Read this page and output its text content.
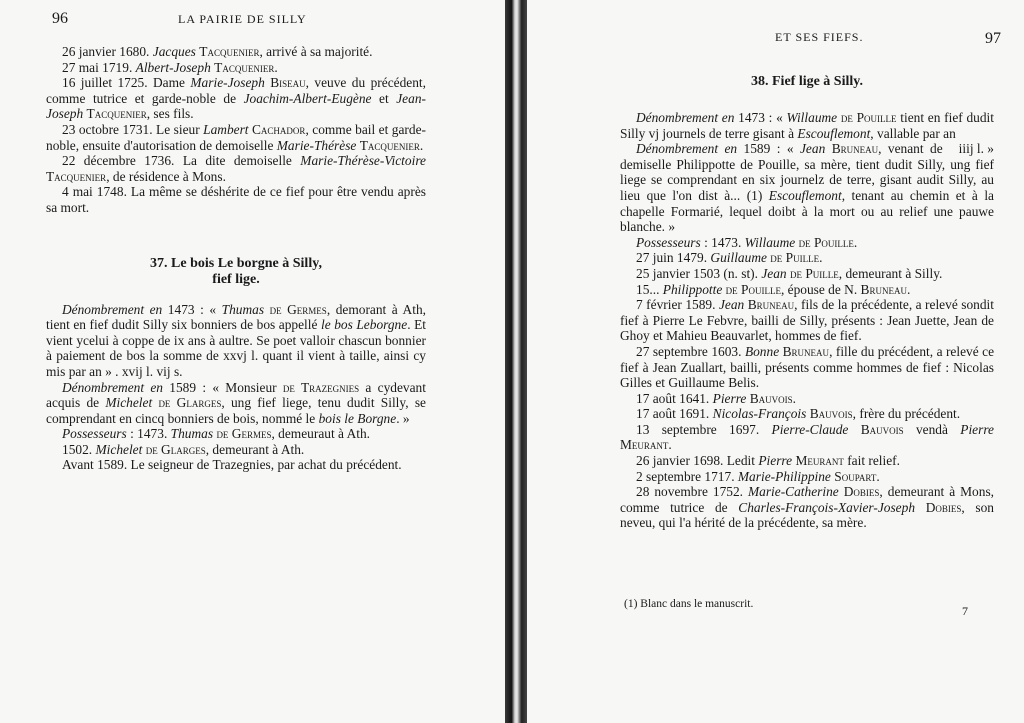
96	LA PAIRIE DE SILLY

26 janvier 1680. Jacques Tacquenier, arrivé à sa majorité.

27 mai 1719. Albert-Joseph Tacquenier.

16 juillet 1725. Dame Marie-Joseph Biseau, veuve du précédent, comme tutrice et garde-noble de Joachim-Albert-Eugène et Jean-Joseph Tacquenier, ses fils.

23 octobre 1731. Le sieur Lambert Cachador, comme bail et garde-noble, ensuite d'autorisation de demoiselle Marie-Thérèse Tacquenier.

22 décembre 1736. La dite demoiselle Marie-Thérèse-Victoire Tacquenier, de résidence à Mons.

4 mai 1748. La même se déshérite de ce fief pour être vendu après sa mort.

37. Le bois Le borgne à Silly,
fief lige.

Dénombrement en 1473 : « Thumas de Germes, demorant à Ath, tient en fief dudit Silly six bonniers de bos appellé le bos Leborgne. Et vient ycelui à coppe de ix ans à aultre. Se poet valloir chascun bonnier à paiement de bos la somme de xxvj l. quant il vient à taille, ainsi cy mis par an » . xvij l. vij s.

Dénombrement en 1589 : « Monsieur de Trazegnies a cydevant acquis de Michelet de Glarges, ung fief liege, tenu dudit Silly, se comprendant en cincq bonniers de bois, nommé le bois le Borgne. »

Possesseurs : 1473. Thumas de Germes, demeuraut à Ath.

1502. Michelet de Glarges, demeurant à Ath.

Avant 1589. Le seigneur de Trazegnies, par achat du précédent.

ET SES FIEFS.	97
38. Fief lige à Silly.

Dénombrement en 1473 : « Willaume de Pouille tient en fief dudit Silly vj journels de terre gisant à Escouflemont, vallable par an
iiij l. »

Dénombrement en 1589 : « Jean Bruneau, venant de demiselle Philippotte de Pouille, sa mère, tient dudit Silly, ung fief liege se comprendant en six journelz de terre, gisant audit Silly, au lieu que l'on dist à... (1) Escouflemont, tenant au chemin et à la chapelle Formarié, lequel doibt à la mort ou au relief une pauwe blanche. »

Possesseurs : 1473. Willaume de Pouille.

27 juin 1479. Guillaume de Puille.

25 janvier 1503 (n. st). Jean de Puille, demeurant à Silly.

15... Philippotte de Pouille, épouse de N. Bruneau.

7 février 1589. Jean Bruneau, fils de la précédente, a relevé sondit fief à Pierre Le Febvre, bailli de Silly, présents : Jean Juette, Jean de Ghoy et Mahieu Beauvarlet, hommes de fief.

27 septembre 1603. Bonne Bruneau, fille du précédent, a relevé ce fief à Jean Zuallart, bailli, présents comme hommes de fief : Nicolas Gilles et Guillaume Belis.

17 août 1641. Pierre Bauvois.

17 août 1691. Nicolas-François Bauvois, frère du précédent.

13 septembre 1697. Pierre-Claude Bauvois vendà Pierre Meurant.

26 janvier 1698. Ledit Pierre Meurant fait relief.

2 septembre 1717. Marie-Philippine Soupart.

28 novembre 1752. Marie-Catherine Dobies, demeurant à Mons, comme tutrice de Charles-François-Xavier-Joseph Dobies, son neveu, qui l'a hérité de la précédente, sa mère.

(1) Blanc dans le manuscrit.	7
